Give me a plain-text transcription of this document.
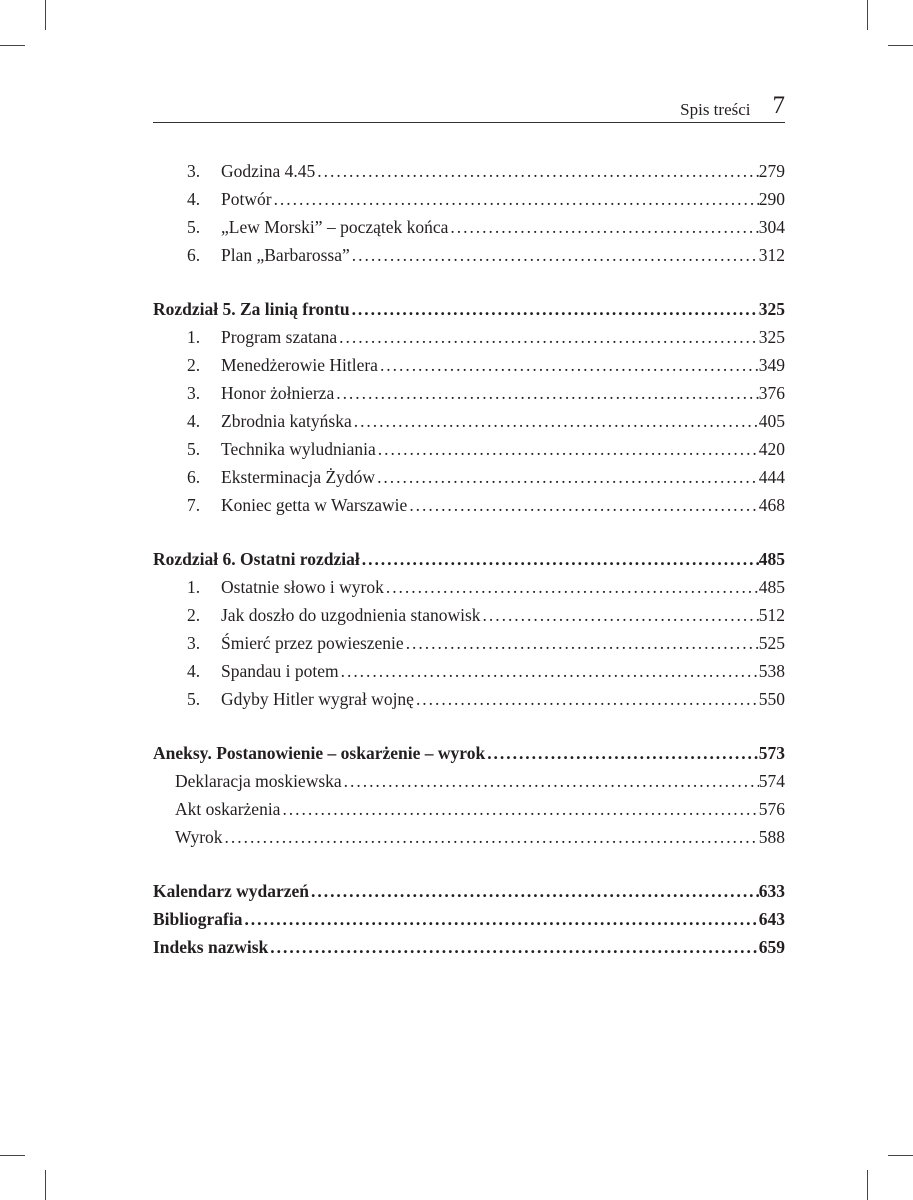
Spis treści 7
3.	Godzina 4.45 . . .	279
4.	Potwór . . .	290
5.	„Lew Morski” – początek końca . . .	304
6.	Plan „Barbarossa” . . .	312
Rozdział 5. Za linią frontu . . .	325
1.	Program szatana . . .	325
2.	Menedżerowie Hitlera . . .	349
3.	Honor żołnierza . . .	376
4.	Zbrodnia katyńska . . .	405
5.	Technika wyludniania . . .	420
6.	Eksterminacja Żydów . . .	444
7.	Koniec getta w Warszawie . . .	468
Rozdział 6. Ostatni rozdział . . .	485
1.	Ostatnie słowo i wyrok . . .	485
2.	Jak doszło do uzgodnienia stanowisk . . .	512
3.	Śmierć przez powieszenie . . .	525
4.	Spandau i potem . . .	538
5.	Gdyby Hitler wygrał wojnę . . .	550
Aneksy. Postanowienie – oskarżenie – wyrok . . .	573
Deklaracja moskiewska . . .	574
Akt oskarżenia . . .	576
Wyrok . . .	588
Kalendarz wydarzeń . . .	633
Bibliografia . . .	643
Indeks nazwisk . . .	659
